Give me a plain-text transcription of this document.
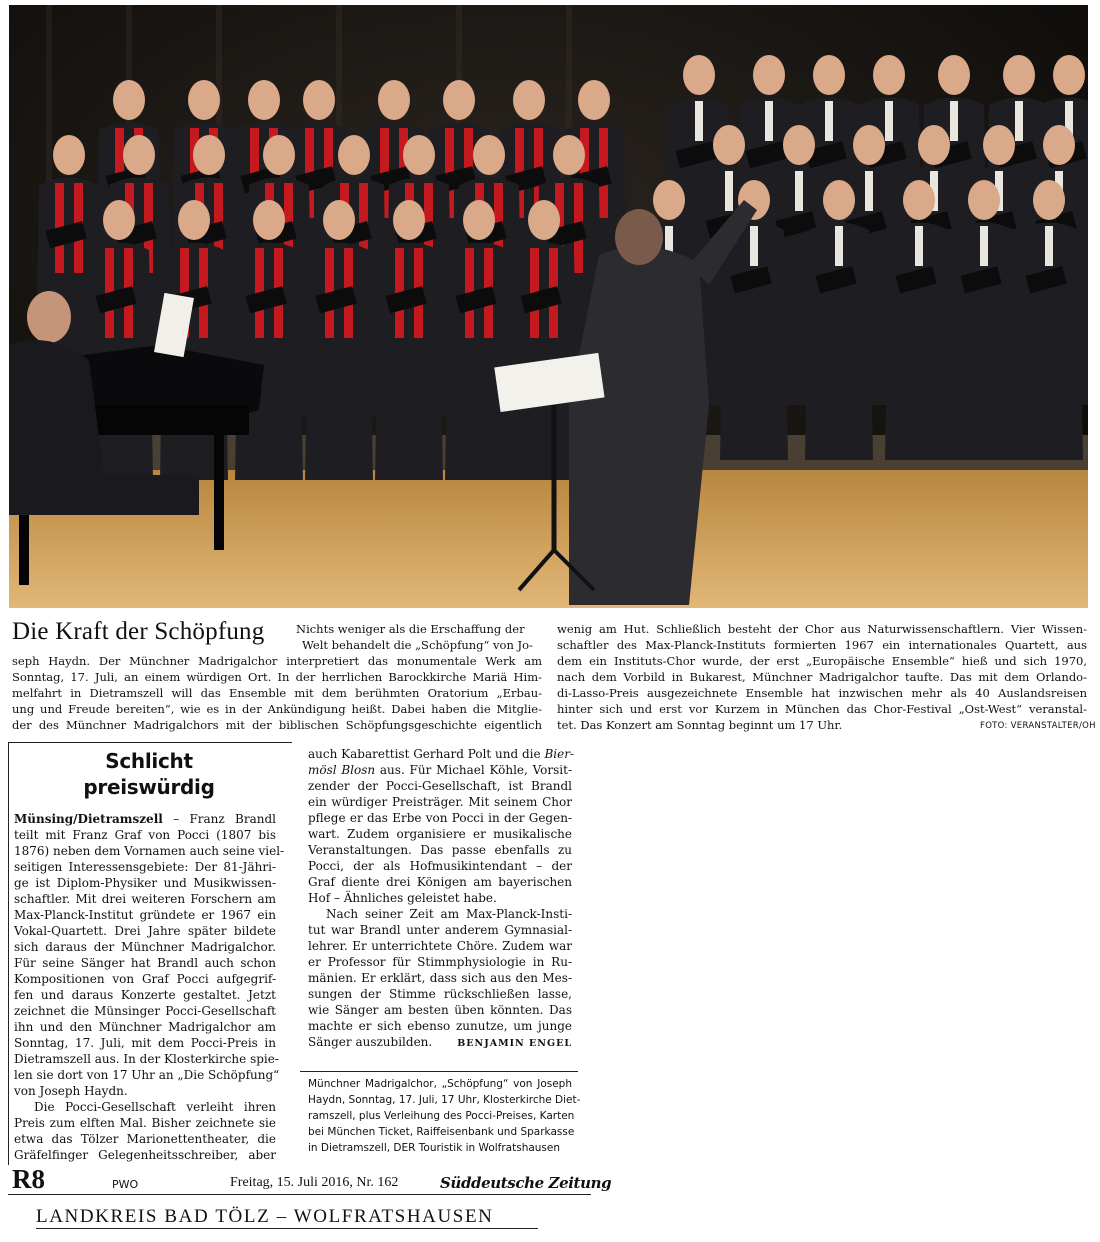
Die Kraft der Schöpfung	Nichts weniger als die Erschaffung der
Welt behandelt die „Schöpfung“ von Jo-
seph Haydn. Der Münchner Madrigalchor interpretiert das monumentale Werk am
Sonntag, 17. Juli, an einem würdigen Ort. In der herrlichen Barockkirche Mariä Him-
melfahrt in Dietramszell will das Ensemble mit dem berühmten Oratorium „Erbau-
ung und Freude bereiten“, wie es in der Ankündigung heißt. Dabei haben die Mitglie-
der des Münchner Madrigalchors mit der biblischen Schöpfungsgeschichte eigentlich
wenig am Hut. Schließlich besteht der Chor aus Naturwissenschaftlern. Vier Wissen-
schaftler des Max-Planck-Instituts formierten 1967 ein internationales Quartett, aus
dem ein Instituts-Chor wurde, der erst „Europäische Ensemble“ hieß und sich 1970,
nach dem Vorbild in Bukarest, Münchner Madrigalchor taufte. Das mit dem Orlando-
di-Lasso-Preis ausgezeichnete Ensemble hat inzwischen mehr als 40 Auslandsreisen
hinter sich und erst vor Kurzem in München das Chor-Festival „Ost-West“ veranstal-
tet. Das Konzert am Sonntag beginnt um 17 Uhr.	FOTO: VERANSTALTER/OH
Schlicht
preiswürdig
Münsing/Dietramszell – Franz Brandl
teilt mit Franz Graf von Pocci (1807 bis
1876) neben dem Vornamen auch seine viel-
seitigen Interessensgebiete: Der 81-Jähri-
ge ist Diplom-Physiker und Musikwissen-
schaftler. Mit drei weiteren Forschern am
Max-Planck-Institut gründete er 1967 ein
Vokal-Quartett. Drei Jahre später bildete
sich daraus der Münchner Madrigalchor.
Für seine Sänger hat Brandl auch schon
Kompositionen von Graf Pocci aufgegrif-
fen und daraus Konzerte gestaltet. Jetzt
zeichnet die Münsinger Pocci-Gesellschaft
ihn und den Münchner Madrigalchor am
Sonntag, 17. Juli, mit dem Pocci-Preis in
Dietramszell aus. In der Klosterkirche spie-
len sie dort von 17 Uhr an „Die Schöpfung“
von Joseph Haydn.
Die Pocci-Gesellschaft verleiht ihren
Preis zum elften Mal. Bisher zeichnete sie
etwa das Tölzer Marionettentheater, die
Gräfelfinger Gelegenheitsschreiber, aber
auch Kabarettist Gerhard Polt und die Bier-
mösl Blosn aus. Für Michael Köhle, Vorsit-
zender der Pocci-Gesellschaft, ist Brandl
ein würdiger Preisträger. Mit seinem Chor
pflege er das Erbe von Pocci in der Gegen-
wart. Zudem organisiere er musikalische
Veranstaltungen. Das passe ebenfalls zu
Pocci, der als Hofmusikintendant – der
Graf diente drei Königen am bayerischen
Hof – Ähnliches geleistet habe.
Nach seiner Zeit am Max-Planck-Insti-
tut war Brandl unter anderem Gymnasial-
lehrer. Er unterrichtete Chöre. Zudem war
er Professor für Stimmphysiologie in Ru-
mänien. Er erklärt, dass sich aus den Mes-
sungen der Stimme rückschließen lasse,
wie Sänger am besten üben könnten. Das
machte er sich ebenso zunutze, um junge
Sänger auszubilden.	BENJAMIN ENGEL
Münchner Madrigalchor, „Schöpfung“ von Joseph
Haydn, Sonntag, 17. Juli, 17 Uhr, Klosterkirche Diet-
ramszell, plus Verleihung des Pocci-Preises, Karten
bei München Ticket, Raiffeisenbank und Sparkasse
in Dietramszell, DER Touristik in Wolfratshausen
R8	PWO	Freitag, 15. Juli 2016, Nr. 162	Süddeutsche Zeitung
LANDKREIS BAD TÖLZ – WOLFRATSHAUSEN
